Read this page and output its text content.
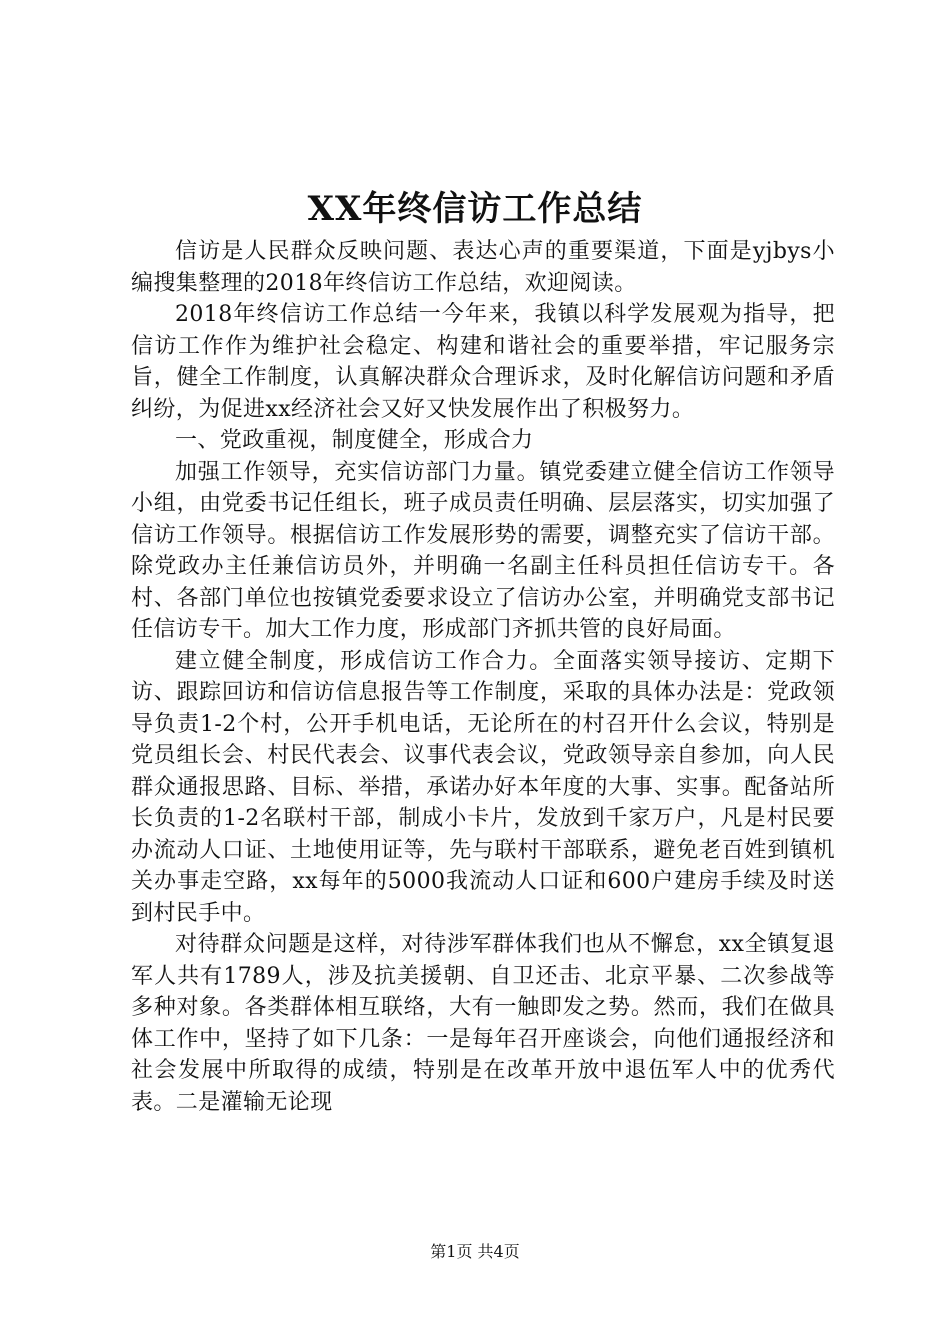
XX年终信访工作总结

信访是人民群众反映问题、表达心声的重要渠道，下面是yjbys小编搜集整理的2018年终信访工作总结，欢迎阅读。

2018年终信访工作总结一今年来，我镇以科学发展观为指导，把信访工作作为维护社会稳定、构建和谐社会的重要举措，牢记服务宗旨，健全工作制度，认真解决群众合理诉求，及时化解信访问题和矛盾纠纷，为促进xx经济社会又好又快发展作出了积极努力。

一、党政重视，制度健全，形成合力

加强工作领导，充实信访部门力量。镇党委建立健全信访工作领导小组，由党委书记任组长，班子成员责任明确、层层落实，切实加强了信访工作领导。根据信访工作发展形势的需要，调整充实了信访干部。除党政办主任兼信访员外，并明确一名副主任科员担任信访专干。各村、各部门单位也按镇党委要求设立了信访办公室，并明确党支部书记任信访专干。加大工作力度，形成部门齐抓共管的良好局面。

建立健全制度，形成信访工作合力。全面落实领导接访、定期下访、跟踪回访和信访信息报告等工作制度，采取的具体办法是：党政领导负责1-2个村，公开手机电话，无论所在的村召开什么会议，特别是党员组长会、村民代表会、议事代表会议，党政领导亲自参加，向人民群众通报思路、目标、举措，承诺办好本年度的大事、实事。配备站所长负责的1-2名联村干部，制成小卡片，发放到千家万户，凡是村民要办流动人口证、土地使用证等，先与联村干部联系，避免老百姓到镇机关办事走空路，xx每年的5000我流动人口证和600户建房手续及时送到村民手中。

对待群众问题是这样，对待涉军群体我们也从不懈怠，xx全镇复退军人共有1789人，涉及抗美援朝、自卫还击、北京平暴、二次参战等多种对象。各类群体相互联络，大有一触即发之势。然而，我们在做具体工作中，坚持了如下几条：一是每年召开座谈会，向他们通报经济和社会发展中所取得的成绩，特别是在改革开放中退伍军人中的优秀代表。二是灌输无论现

第1页 共4页
